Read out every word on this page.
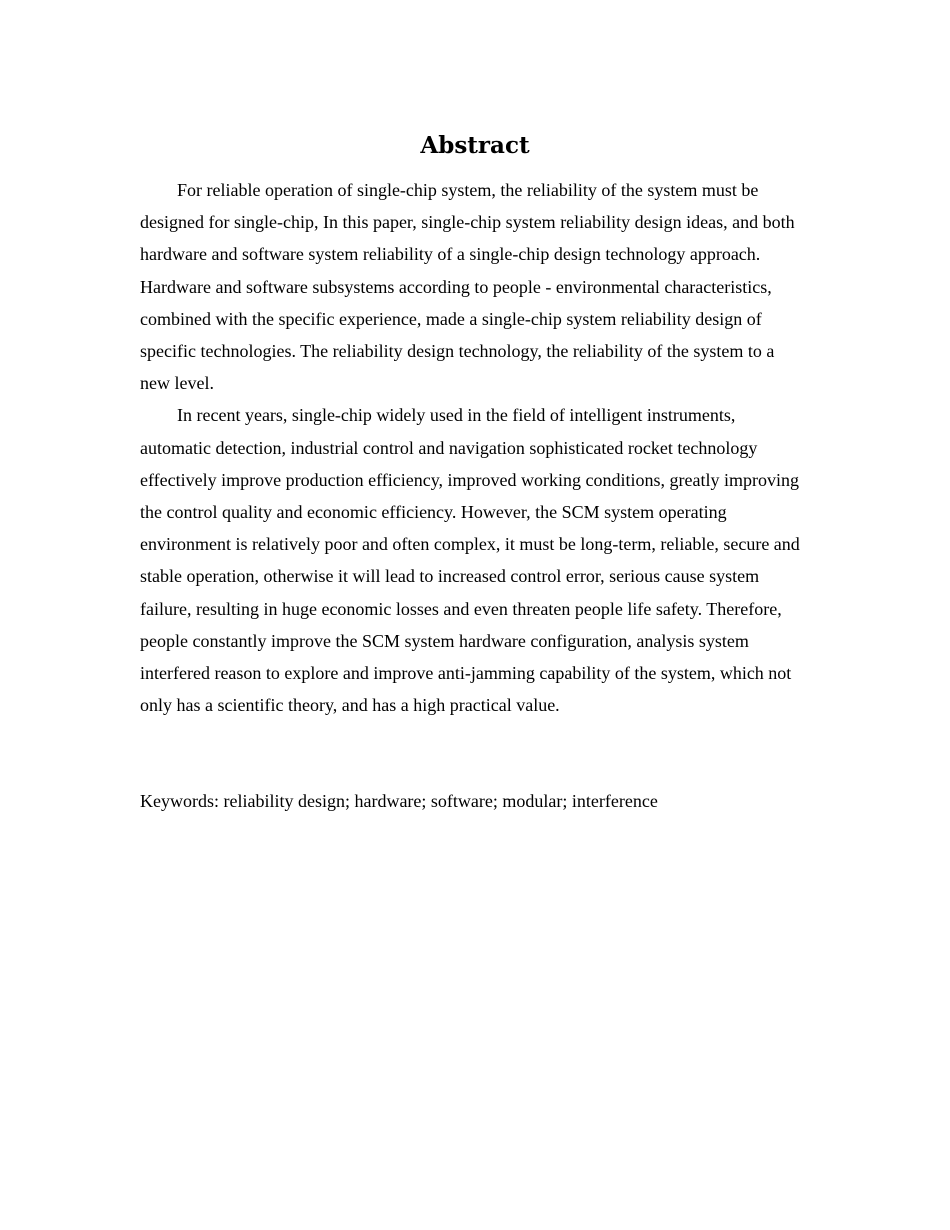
Abstract

For reliable operation of single-chip system, the reliability of the system must be designed for single-chip, In this paper, single-chip system reliability design ideas, and both hardware and software system reliability of a single-chip design technology approach. Hardware and software subsystems according to people - environmental characteristics, combined with the specific experience, made a single-chip system reliability design of specific technologies. The reliability design technology, the reliability of the system to a new level.

In recent years, single-chip widely used in the field of intelligent instruments, automatic detection, industrial control and navigation sophisticated rocket technology effectively improve production efficiency, improved working conditions, greatly improving the control quality and economic efficiency. However, the SCM system operating environment is relatively poor and often complex, it must be long-term, reliable, secure and stable operation, otherwise it will lead to increased control error, serious cause system failure, resulting in huge economic losses and even threaten people life safety. Therefore, people constantly improve the SCM system hardware configuration, analysis system interfered reason to explore and improve anti-jamming capability of the system, which not only has a scientific theory, and has a high practical value.

Keywords: reliability design; hardware; software; modular; interference
